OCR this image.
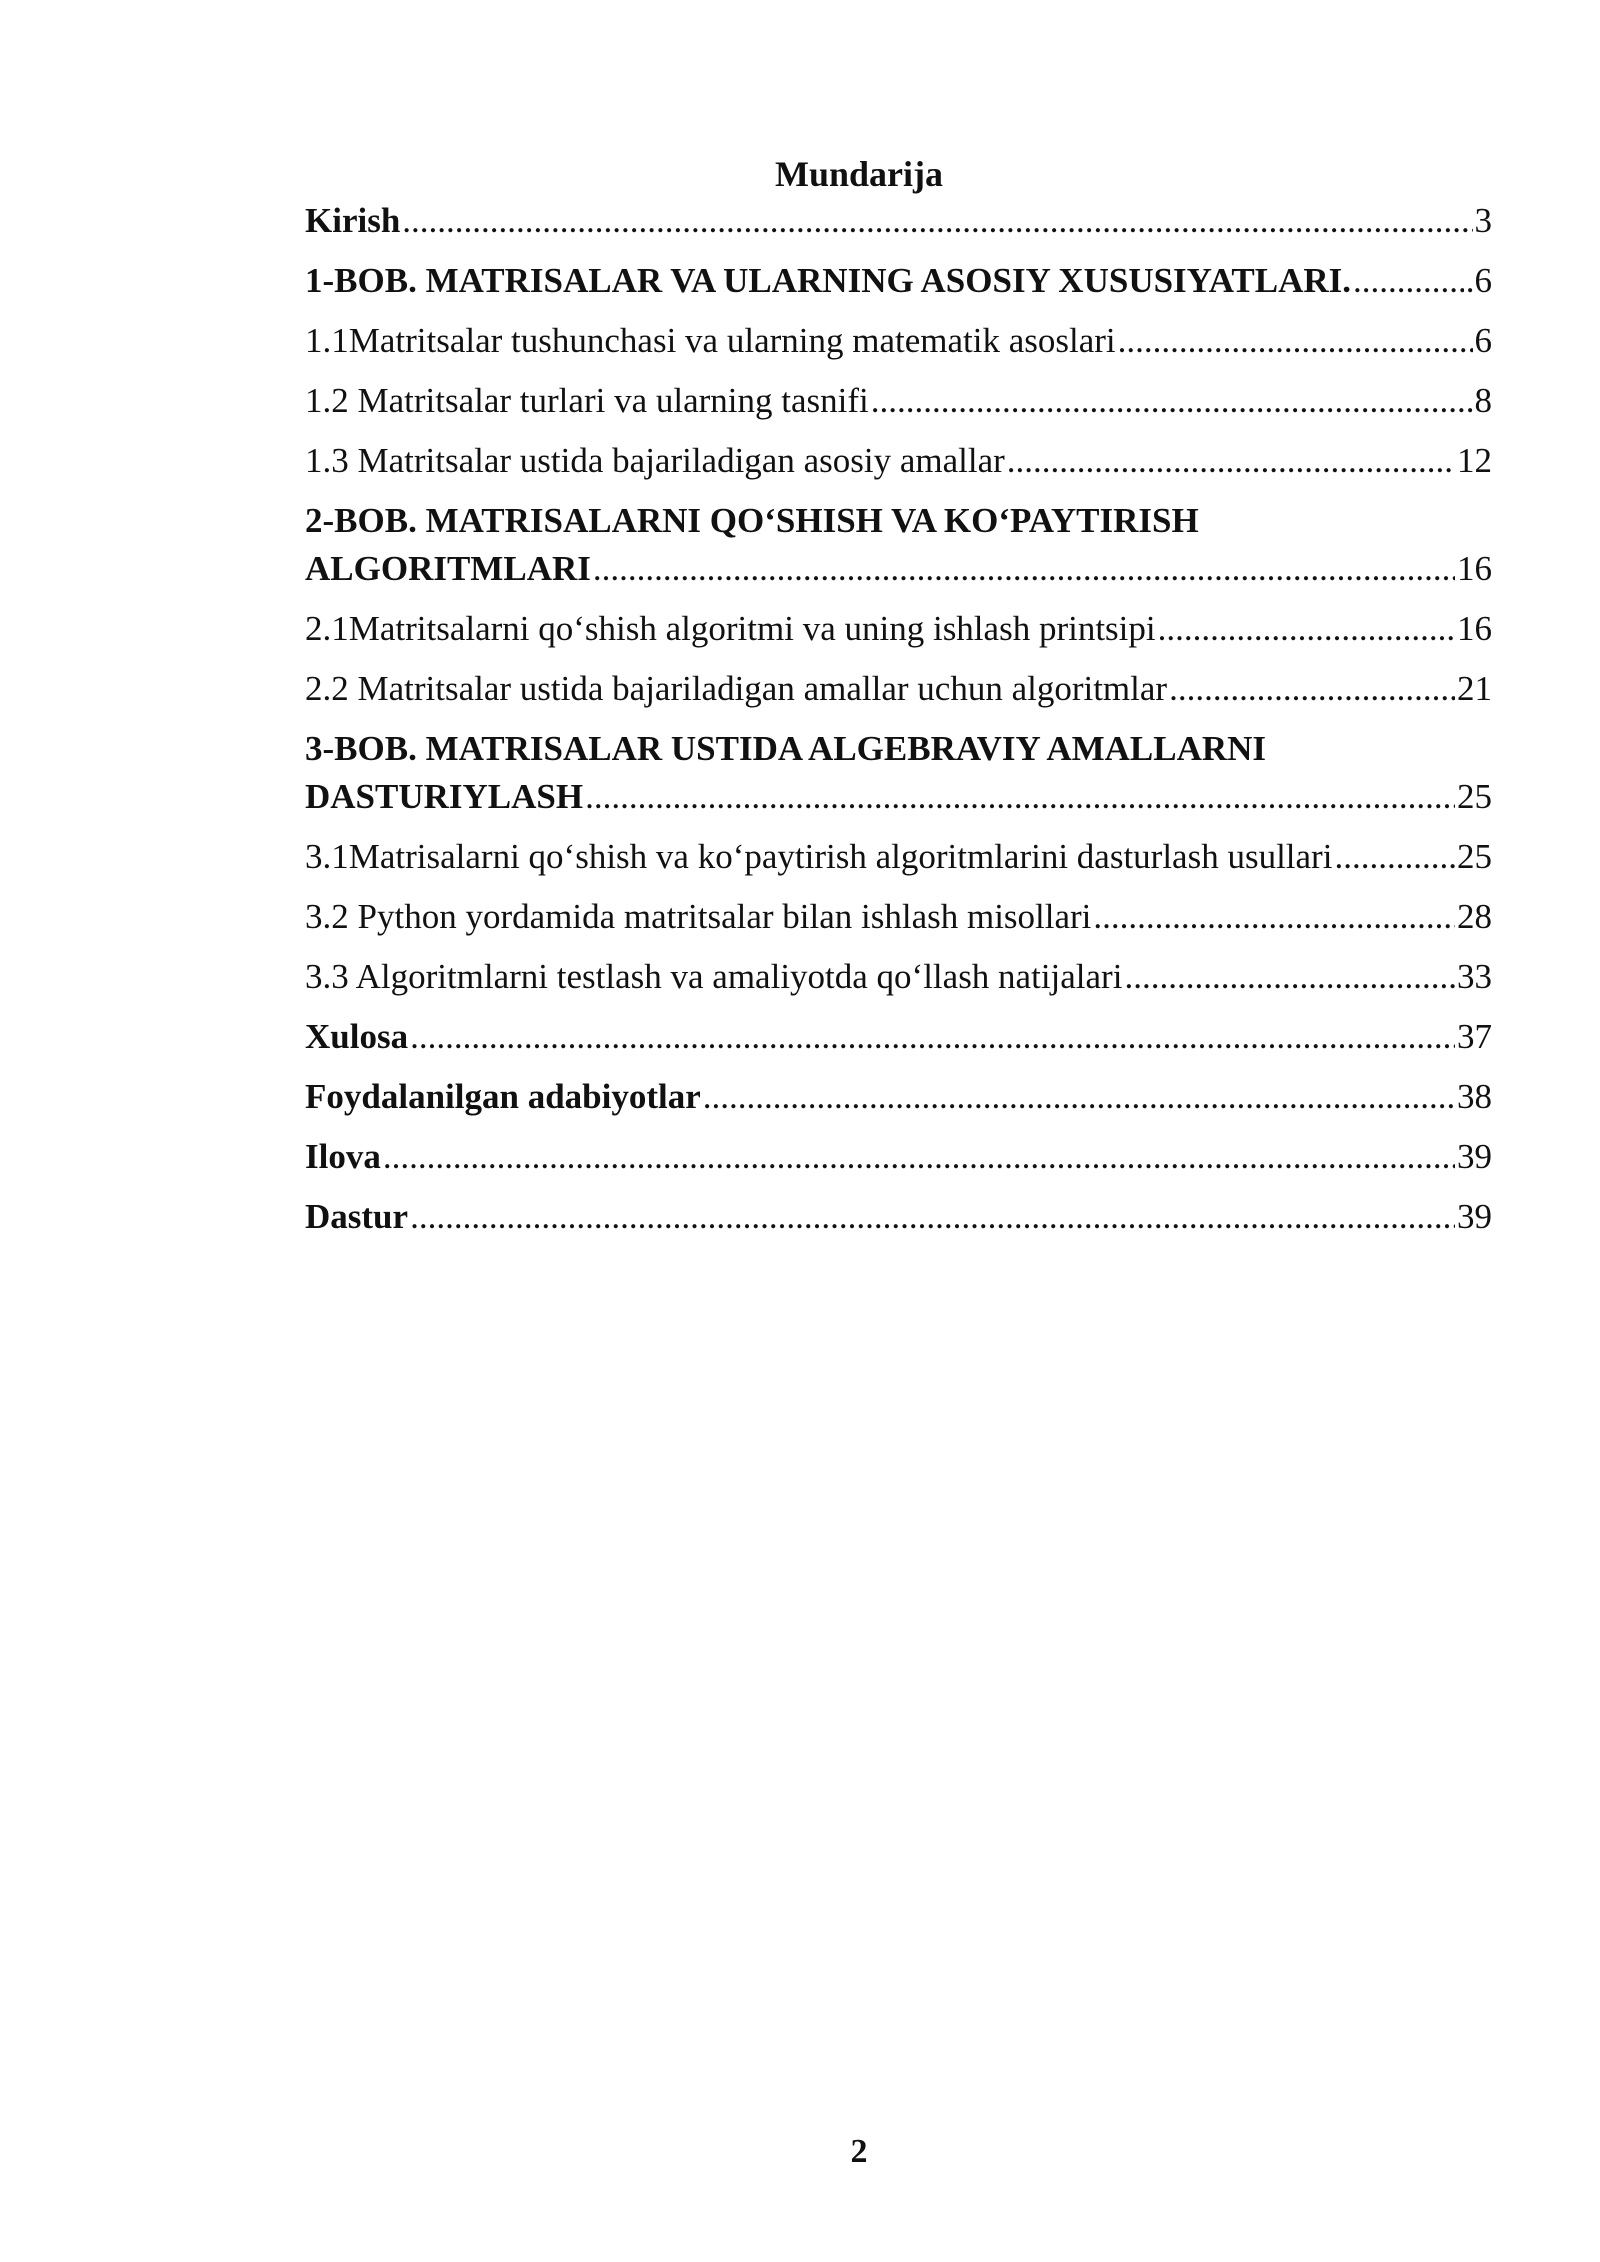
Mundarija
Kirish .....	3
1-BOB. MATRISALAR VA ULARNING ASOSIY XUSUSIYATLARI. .....	.6
1.1Matritsalar tushunchasi va ularning matematik asoslari .....	6
1.2 Matritsalar turlari va ularning tasnifi .....	8
1.3 Matritsalar ustida bajariladigan asosiy amallar .....	12
2-BOB. MATRISALARNI QO‘SHISH VA KO‘PAYTIRISH
ALGORITMLARI .....	16
2.1Matritsalarni qo‘shish algoritmi va uning ishlash printsipi .....	16
2.2 Matritsalar ustida bajariladigan amallar uchun algoritmlar .....	21
3-BOB. MATRISALAR USTIDA ALGEBRAVIY AMALLARNI
DASTURIYLASH .....	25
3.1Matrisalarni qo‘shish va ko‘paytirish algoritmlarini dasturlash usullari .....	25
3.2 Python yordamida matritsalar bilan ishlash misollari .....	28
3.3 Algoritmlarni testlash va amaliyotda qo‘llash natijalari .....	33
Xulosa .....	37
Foydalanilgan adabiyotlar .....	38
Ilova .....	39
Dastur .....	39
2
